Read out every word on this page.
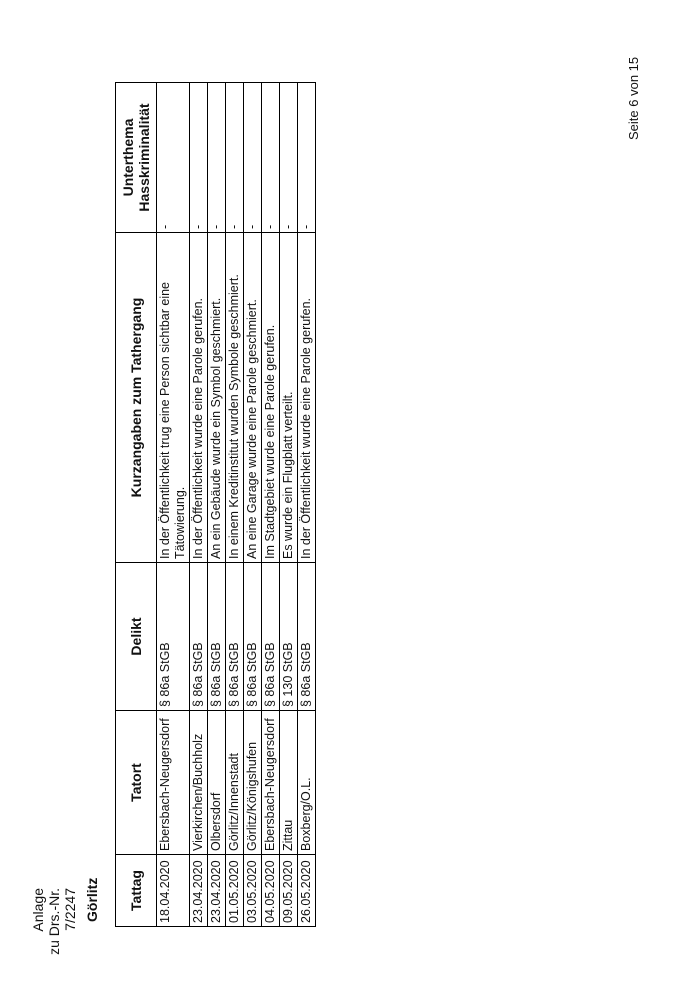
Anlage zu Drs.-Nr. 7/2247 Görlitz Tattag	Tatort	Delikt	Kurzangaben zum Tathergang	Unterthema Hasskriminalität
18.04.2020	Ebersbach-Neugersdorf	§ 86a StGB	In der Öffentlichkeit trug eine Person sichtbar eine Tätowierung.	-
23.04.2020	Vierkirchen/Buchholz	§ 86a StGB	In der Öffentlichkeit wurde eine Parole gerufen.	-
23.04.2020	Olbersdorf	§ 86a StGB	An ein Gebäude wurde ein Symbol geschmiert.	-
01.05.2020	Görlitz/Innenstadt	§ 86a StGB	In einem Kreditinstitut wurden Symbole geschmiert.	-
03.05.2020	Görlitz/Königshufen	§ 86a StGB	An eine Garage wurde eine Parole geschmiert.	-
04.05.2020	Ebersbach-Neugersdorf	§ 86a StGB	Im Stadtgebiet wurde eine Parole gerufen.	-
09.05.2020	Zittau	§ 130 StGB	Es wurde ein Flugblatt verteilt.	-
26.05.2020	Boxberg/O.L.	§ 86a StGB	In der Öffentlichkeit wurde eine Parole gerufen.	-
Seite 6 von 15
